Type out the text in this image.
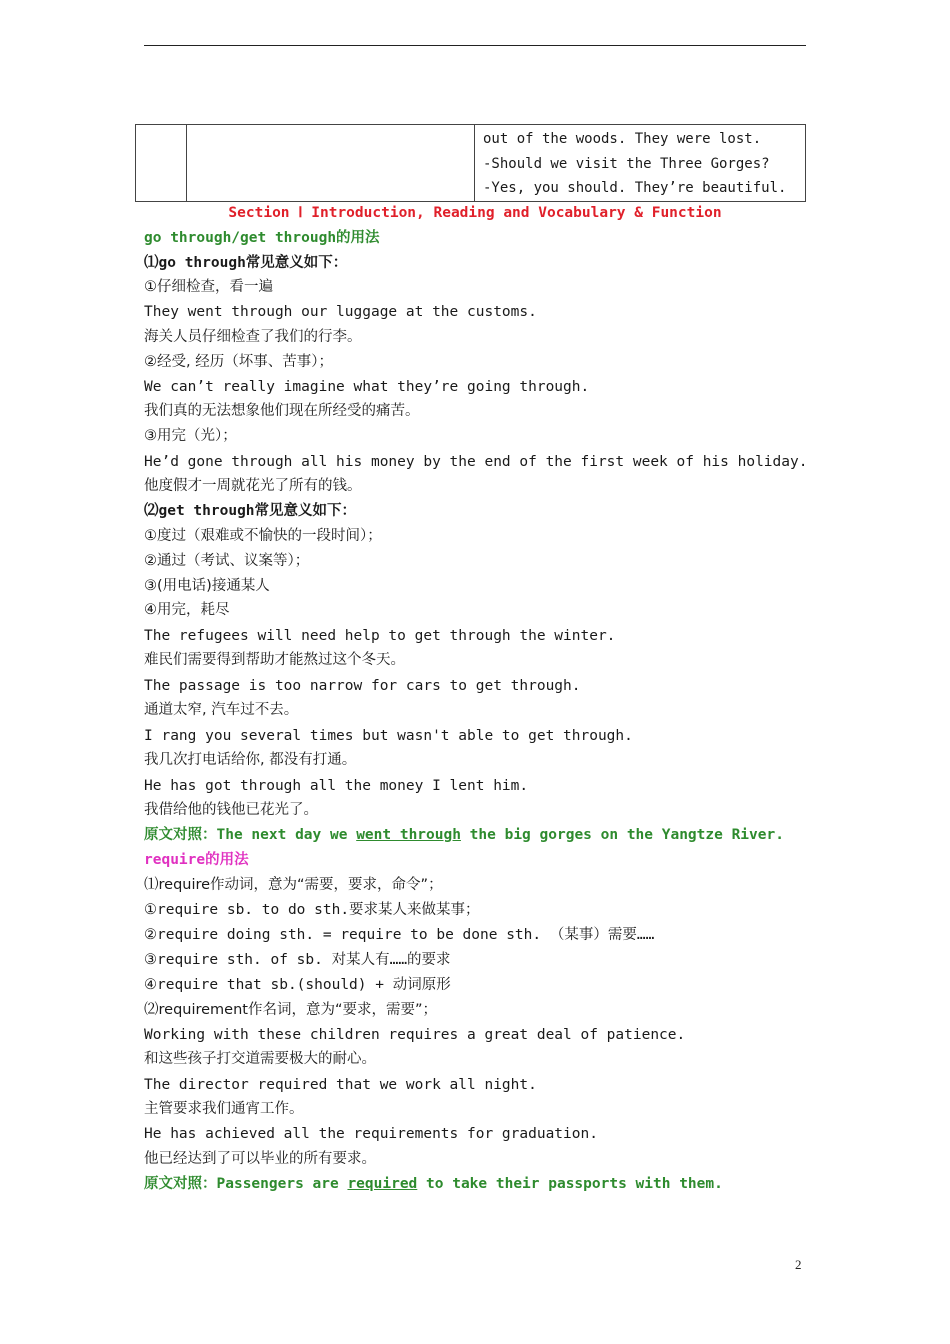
out of the woods. They were lost.
-Should we visit the Three Gorges?
-Yes, you should. They’re beautiful.
Section Ⅰ Introduction, Reading and Vocabulary & Function
go through/get through的用法
⑴go through常见意义如下：
①仔细检查，看一遍
They went through our luggage at the customs.
海关人员仔细检查了我们的行李。
②经受, 经历（坏事、苦事）；
We can’t really imagine what they’re going through.
我们真的无法想象他们现在所经受的痛苦。
③用完（光）；
He’d gone through all his money by the end of the first week of his holiday.
他度假才一周就花光了所有的钱。
⑵get through常见意义如下：
①度过（艰难或不愉快的一段时间）；
②通过（考试、议案等）；
③(用电话)接通某人
④用完，耗尽
The refugees will need help to get through the winter.
难民们需要得到帮助才能熬过这个冬天。
The passage is too narrow for cars to get through.
通道太窄, 汽车过不去。
I rang you several times but wasn't able to get through.
我几次打电话给你, 都没有打通。
He has got through all the money I lent him.
我借给他的钱他已花光了。
原文对照：The next day we went through the big gorges on the Yangtze River.
require的用法
⑴require作动词，意为“需要，要求，命令”；
①require sb. to do sth.要求某人来做某事；
②require doing sth. = require to be done sth. （某事）需要……
③require sth. of sb. 对某人有……的要求
④require that sb.(should) + 动词原形
⑵requirement作名词，意为“要求，需要”；
Working with these children requires a great deal of patience.
和这些孩子打交道需要极大的耐心。
The director required that we work all night.
主管要求我们通宵工作。
He has achieved all the requirements for graduation.
他已经达到了可以毕业的所有要求。
原文对照：Passengers are required to take their passports with them.
2
